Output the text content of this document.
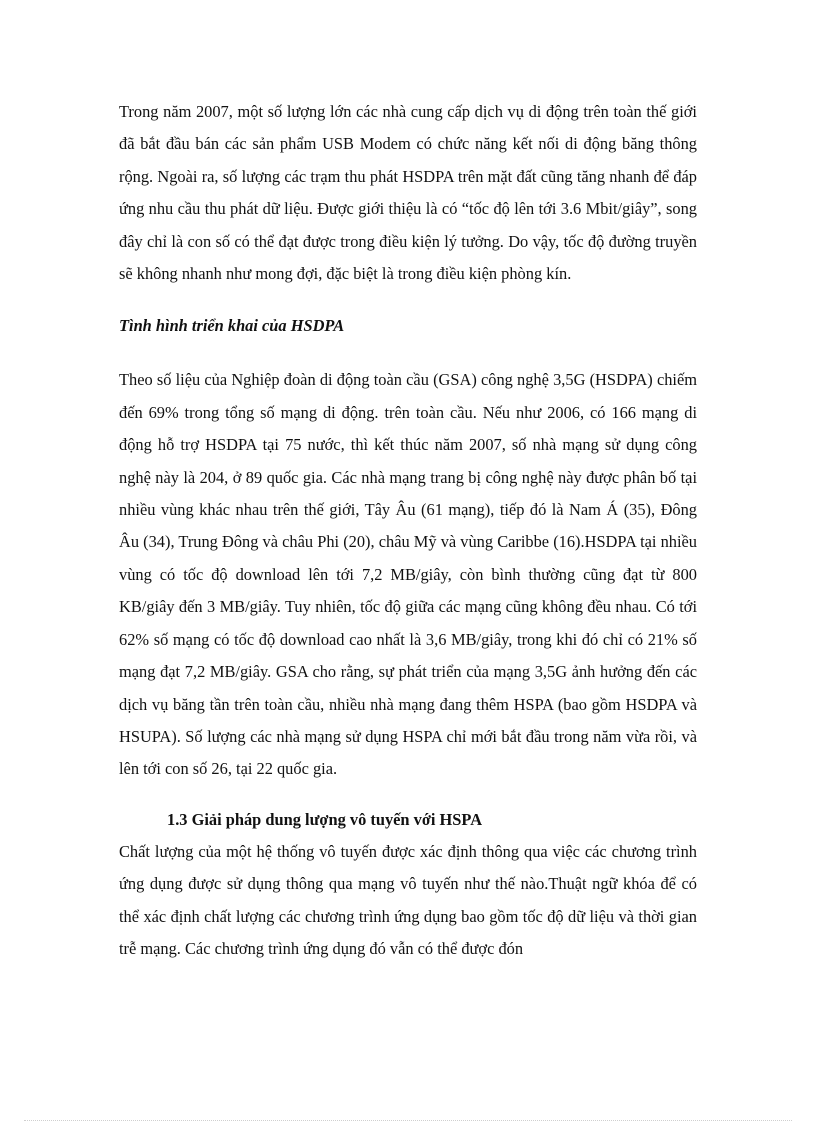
Trong năm 2007, một số lượng lớn các nhà cung cấp dịch vụ di động trên toàn thế giới đã bắt đầu bán các sản phẩm USB Modem có chức năng kết nối di động băng thông rộng. Ngoài ra, số lượng các trạm thu phát HSDPA trên mặt đất cũng tăng nhanh để đáp ứng nhu cầu thu phát dữ liệu. Được giới thiệu là có “tốc độ lên tới 3.6 Mbit/giây”, song đây chỉ là con số có thể đạt được trong điều kiện lý tưởng. Do vậy, tốc độ đường truyền sẽ không nhanh như mong đợi, đặc biệt là trong điều kiện phòng kín.

Tình hình triển khai của HSDPA

Theo số liệu của Nghiệp đoàn di động toàn cầu (GSA) công nghệ 3,5G (HSDPA) chiếm đến 69% trong tổng số mạng di động. trên toàn cầu. Nếu như 2006, có 166 mạng di động hỗ trợ HSDPA tại 75 nước, thì kết thúc năm 2007, số nhà mạng sử dụng công nghệ này là 204, ở 89 quốc gia. Các nhà mạng trang bị công nghệ này được phân bố tại nhiều vùng khác nhau trên thế giới, Tây Âu (61 mạng), tiếp đó là Nam Á (35), Đông Âu (34), Trung Đông và châu Phi (20), châu Mỹ và vùng Caribbe (16).HSDPA tại nhiều vùng có tốc độ download lên tới 7,2 MB/giây, còn bình thường cũng đạt từ 800 KB/giây đến 3 MB/giây. Tuy nhiên, tốc độ giữa các mạng cũng không đều nhau. Có tới 62% số mạng có tốc độ download cao nhất là 3,6 MB/giây, trong khi đó chỉ có 21% số mạng đạt 7,2 MB/giây. GSA cho rằng, sự phát triển của mạng 3,5G ảnh hưởng đến các dịch vụ băng tần trên toàn cầu, nhiều nhà mạng đang thêm HSPA (bao gồm HSDPA và HSUPA). Số lượng các nhà mạng sử dụng HSPA chỉ mới bắt đầu trong năm vừa rồi, và lên tới con số 26, tại 22 quốc gia.

1.3 Giải pháp dung lượng vô tuyến với HSPA

Chất lượng của một hệ thống vô tuyến được xác định thông qua việc các chương trình ứng dụng được sử dụng thông qua mạng vô tuyến như thế nào.Thuật ngữ khóa để có thể xác định chất lượng các chương trình ứng dụng bao gồm tốc độ dữ liệu và thời gian trễ mạng. Các chương trình ứng dụng đó vẫn có thể được đón
